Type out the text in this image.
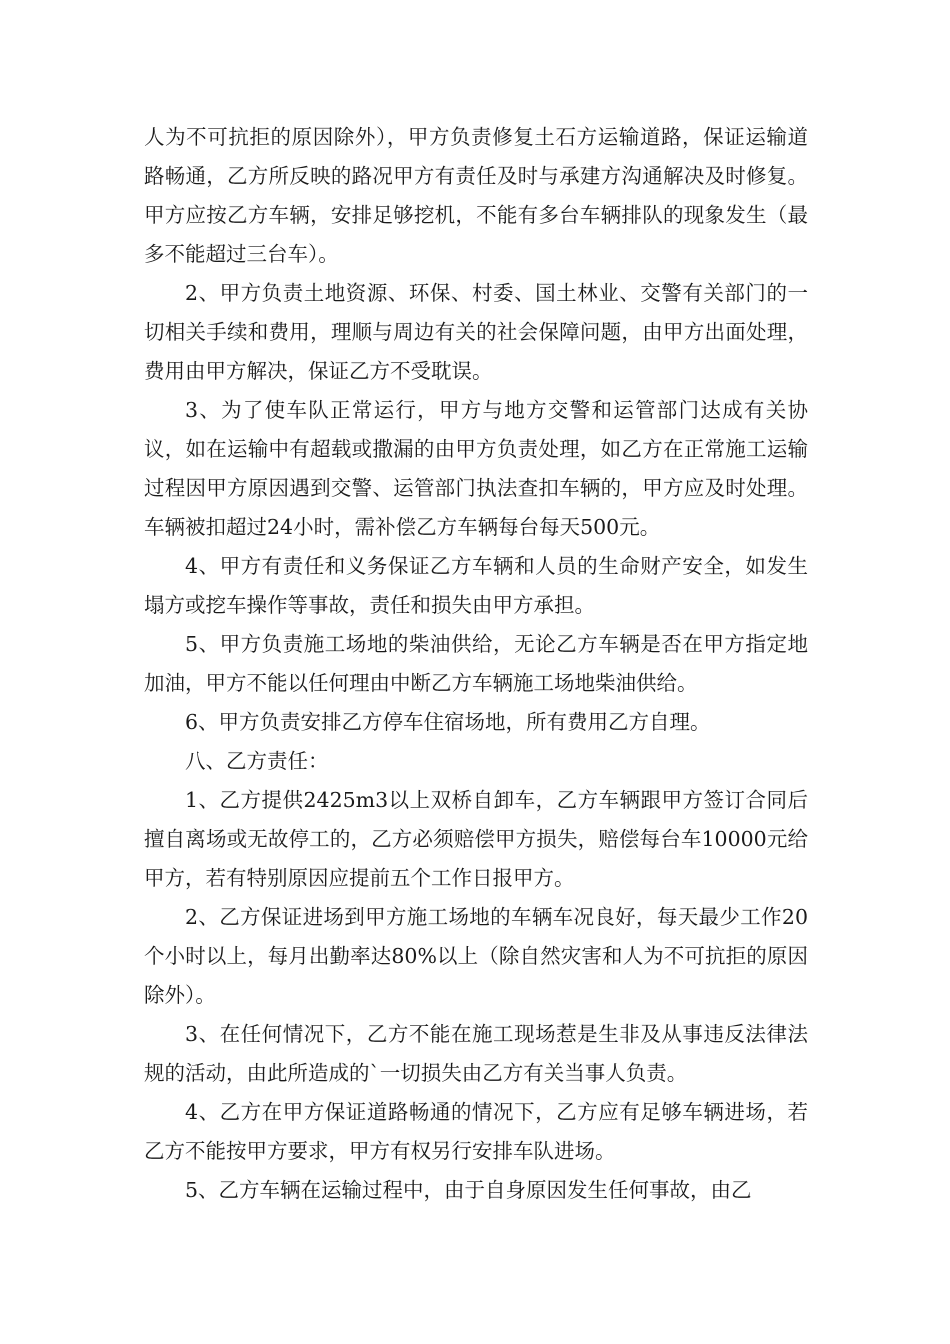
人为不可抗拒的原因除外），甲方负责修复土石方运输道路，保证运输道路畅通，乙方所反映的路况甲方有责任及时与承建方沟通解决及时修复。甲方应按乙方车辆，安排足够挖机，不能有多台车辆排队的现象发生（最多不能超过三台车）。

2、甲方负责土地资源、环保、村委、国土林业、交警有关部门的一切相关手续和费用，理顺与周边有关的社会保障问题，由甲方出面处理，费用由甲方解决，保证乙方不受耽误。

3、为了使车队正常运行，甲方与地方交警和运管部门达成有关协议，如在运输中有超载或撒漏的由甲方负责处理，如乙方在正常施工运输过程因甲方原因遇到交警、运管部门执法查扣车辆的，甲方应及时处理。车辆被扣超过24小时，需补偿乙方车辆每台每天500元。

4、甲方有责任和义务保证乙方车辆和人员的生命财产安全，如发生塌方或挖车操作等事故，责任和损失由甲方承担。

5、甲方负责施工场地的柴油供给，无论乙方车辆是否在甲方指定地加油，甲方不能以任何理由中断乙方车辆施工场地柴油供给。

6、甲方负责安排乙方停车住宿场地，所有费用乙方自理。

八、乙方责任：

1、乙方提供2425m3以上双桥自卸车，乙方车辆跟甲方签订合同后擅自离场或无故停工的，乙方必须赔偿甲方损失，赔偿每台车10000元给甲方，若有特别原因应提前五个工作日报甲方。

2、乙方保证进场到甲方施工场地的车辆车况良好，每天最少工作20个小时以上，每月出勤率达80%以上（除自然灾害和人为不可抗拒的原因除外）。

3、在任何情况下，乙方不能在施工现场惹是生非及从事违反法律法规的活动，由此所造成的`一切损失由乙方有关当事人负责。

4、乙方在甲方保证道路畅通的情况下，乙方应有足够车辆进场，若乙方不能按甲方要求，甲方有权另行安排车队进场。

5、乙方车辆在运输过程中，由于自身原因发生任何事故，由乙
